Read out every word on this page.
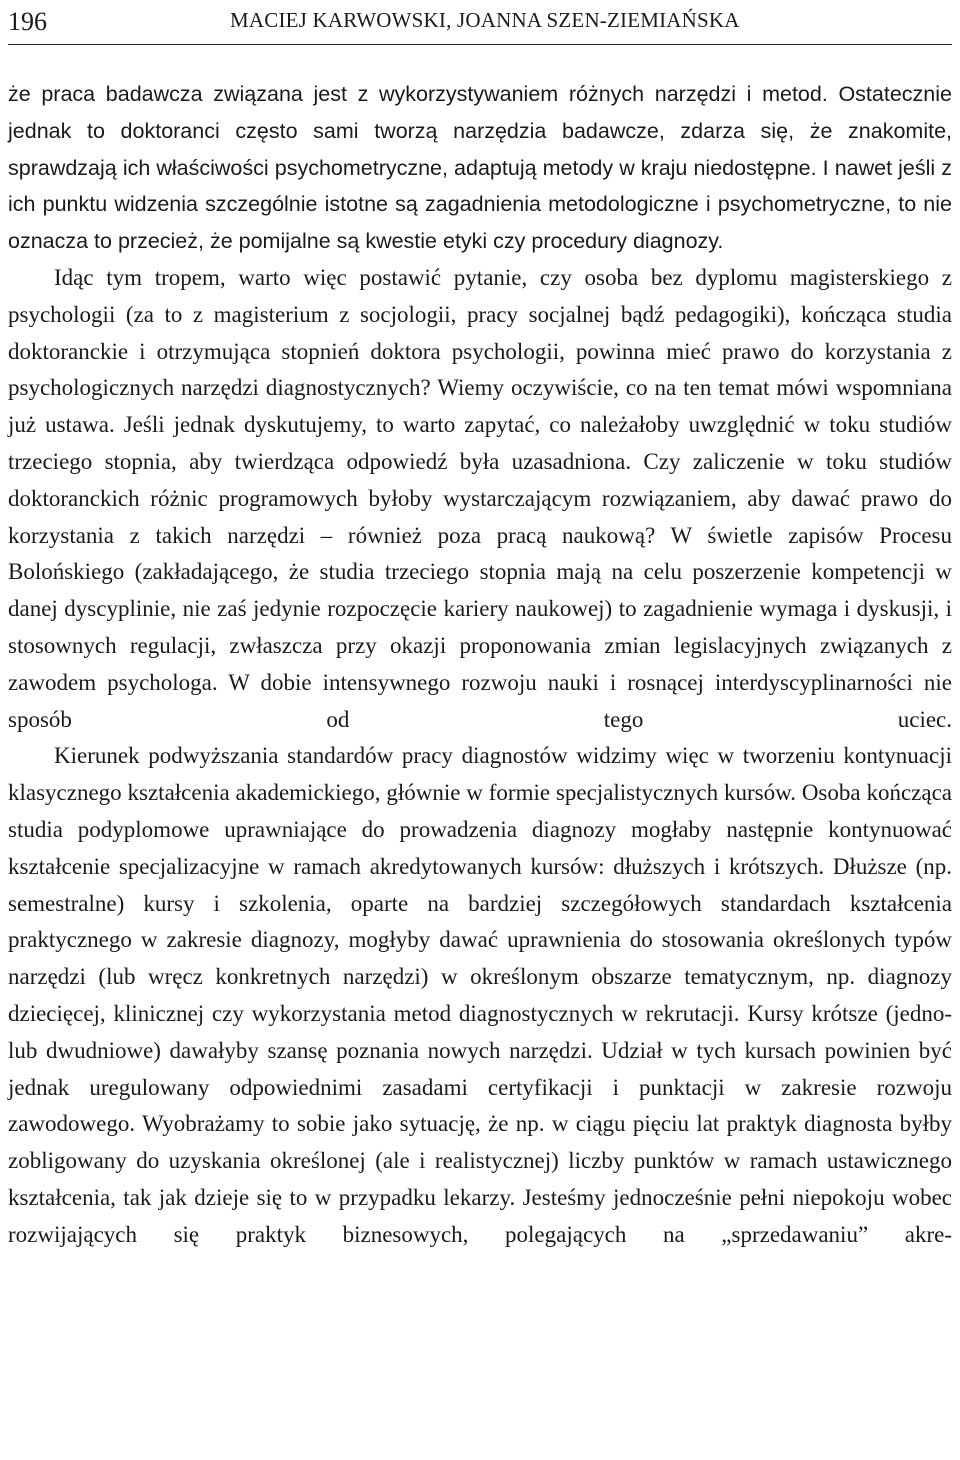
196	MACIEJ KARWOWSKI, JOANNA SZEN-ZIEMIAŃSKA

że praca badawcza związana jest z wykorzystywaniem różnych narzędzi i metod. Ostatecznie jednak to doktoranci często sami tworzą narzędzia badawcze, zdarza się, że znakomite, sprawdzają ich właściwości psychometryczne, adaptują metody w kraju niedostępne. I nawet jeśli z ich punktu widzenia szczególnie istotne są zagadnienia metodologiczne i psychometryczne, to nie oznacza to przecież, że pomijalne są kwestie etyki czy procedury diagnozy.

Idąc tym tropem, warto więc postawić pytanie, czy osoba bez dyplomu magisterskiego z psychologii (za to z magisterium z socjologii, pracy socjalnej bądź pedagogiki), kończąca studia doktoranckie i otrzymująca stopnień doktora psychologii, powinna mieć prawo do korzystania z psychologicznych narzędzi diagnostycznych? Wiemy oczywiście, co na ten temat mówi wspomniana już ustawa. Jeśli jednak dyskutujemy, to warto zapytać, co należałoby uwzględnić w toku studiów trzeciego stopnia, aby twierdząca odpowiedź była uzasadniona. Czy zaliczenie w toku studiów doktoranckich różnic programowych byłoby wystarczającym rozwiązaniem, aby dawać prawo do korzystania z takich narzędzi – również poza pracą naukową? W świetle zapisów Procesu Bolońskiego (zakładającego, że studia trzeciego stopnia mają na celu poszerzenie kompetencji w danej dyscyplinie, nie zaś jedynie rozpoczęcie kariery naukowej) to zagadnienie wymaga i dyskusji, i stosownych regulacji, zwłaszcza przy okazji proponowania zmian legislacyjnych związanych z zawodem psychologa. W dobie intensywnego rozwoju nauki i rosnącej interdyscyplinarności nie sposób od tego uciec.

Kierunek podwyższania standardów pracy diagnostów widzimy więc w tworzeniu kontynuacji klasycznego kształcenia akademickiego, głównie w formie specjalistycznych kursów. Osoba kończąca studia podyplomowe uprawniające do prowadzenia diagnozy mogłaby następnie kontynuować kształcenie specjalizacyjne w ramach akredytowanych kursów: dłuższych i krótszych. Dłuższe (np. semestralne) kursy i szkolenia, oparte na bardziej szczegółowych standardach kształcenia praktycznego w zakresie diagnozy, mogłyby dawać uprawnienia do stosowania określonych typów narzędzi (lub wręcz konkretnych narzędzi) w określonym obszarze tematycznym, np. diagnozy dziecięcej, klinicznej czy wykorzystania metod diagnostycznych w rekrutacji. Kursy krótsze (jedno- lub dwudniowe) dawałyby szansę poznania nowych narzędzi. Udział w tych kursach powinien być jednak uregulowany odpowiednimi zasadami certyfikacji i punktacji w zakresie rozwoju zawodowego. Wyobrażamy to sobie jako sytuację, że np. w ciągu pięciu lat praktyk diagnosta byłby zobligowany do uzyskania określonej (ale i realistycznej) liczby punktów w ramach ustawicznego kształcenia, tak jak dzieje się to w przypadku lekarzy. Jesteśmy jednocześnie pełni niepokoju wobec rozwijających się praktyk biznesowych, polegających na „sprzedawaniu” akre-
